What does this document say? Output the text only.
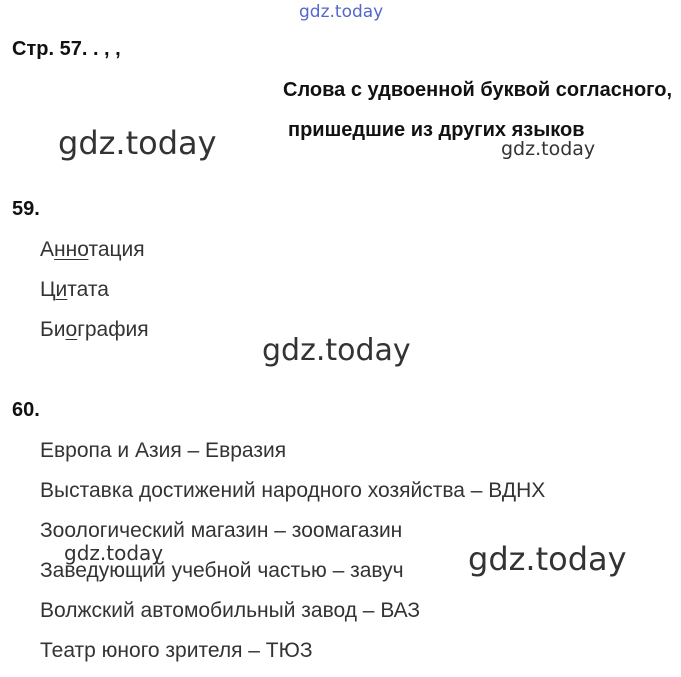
gdz.today
gdz.today	gdz.today
gdz.today
gdz.today	gdz.today
Стр. 57. . , ,
Слова с удвоенной буквой согласного,
пришедшие из других языков
59.
Аннотация
Цитата
Биография
60.
Европа и Азия – Евразия
Выставка достижений народного хозяйства – ВДНХ
Зоологический магазин – зоомагазин
Заведующий учебной частью – завуч
Волжский автомобильный завод – ВАЗ
Театр юного зрителя – ТЮЗ
